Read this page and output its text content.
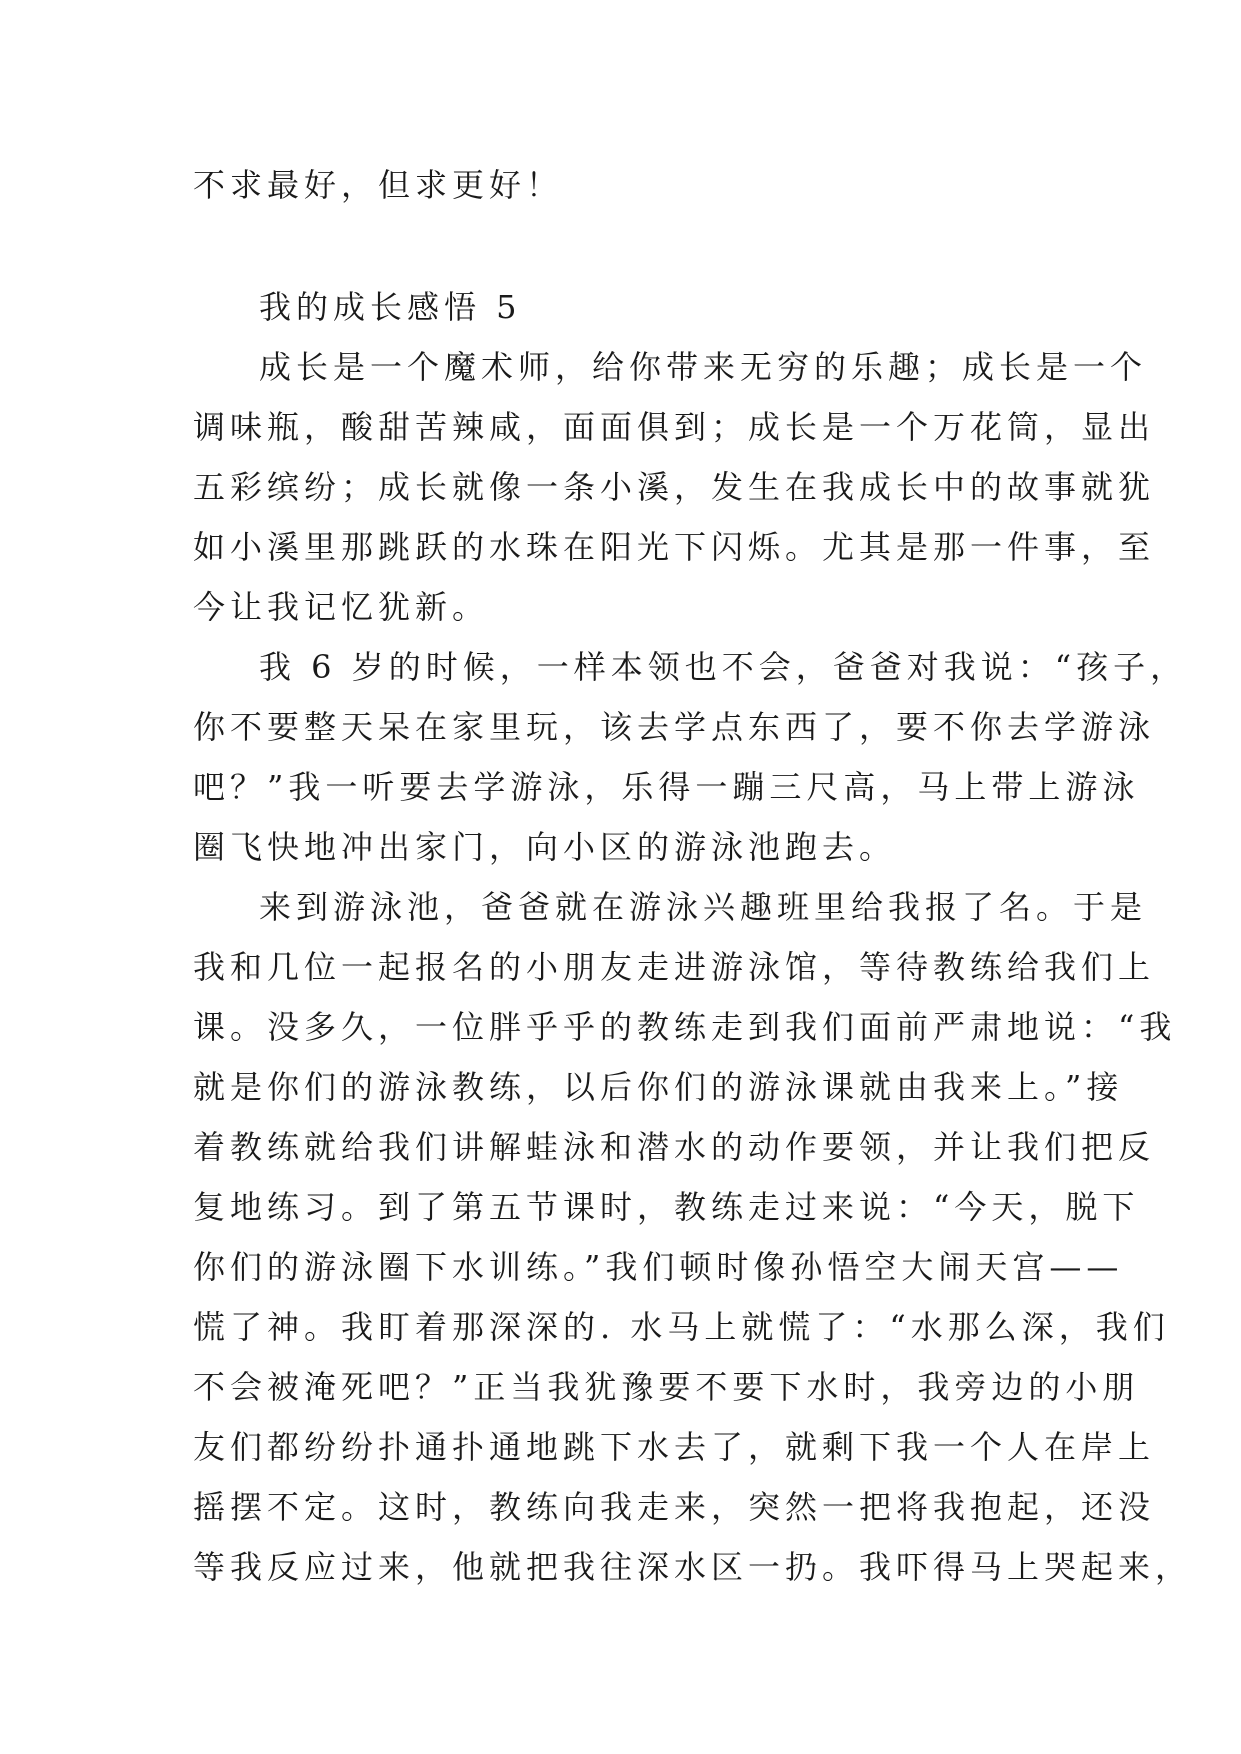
不求最好，但求更好！
我的成长感悟 5
成长是一个魔术师，给你带来无穷的乐趣；成长是一个
调味瓶，酸甜苦辣咸，面面俱到；成长是一个万花筒，显出
五彩缤纷；成长就像一条小溪，发生在我成长中的故事就犹
如小溪里那跳跃的水珠在阳光下闪烁。尤其是那一件事，至
今让我记忆犹新。
我 6 岁的时候，一样本领也不会，爸爸对我说：“孩子，
你不要整天呆在家里玩，该去学点东西了，要不你去学游泳
吧？”我一听要去学游泳，乐得一蹦三尺高，马上带上游泳
圈飞快地冲出家门，向小区的游泳池跑去。
来到游泳池，爸爸就在游泳兴趣班里给我报了名。于是
我和几位一起报名的小朋友走进游泳馆，等待教练给我们上
课。没多久，一位胖乎乎的教练走到我们面前严肃地说：“我
就是你们的游泳教练，以后你们的游泳课就由我来上。”接
着教练就给我们讲解蛙泳和潜水的动作要领，并让我们把反
复地练习。到了第五节课时，教练走过来说：“今天，脱下
你们的游泳圈下水训练。”我们顿时像孙悟空大闹天宫——
慌了神。我盯着那深深的. 水马上就慌了：“水那么深，我们
不会被淹死吧？”正当我犹豫要不要下水时，我旁边的小朋
友们都纷纷扑通扑通地跳下水去了，就剩下我一个人在岸上
摇摆不定。这时，教练向我走来，突然一把将我抱起，还没
等我反应过来，他就把我往深水区一扔。我吓得马上哭起来，
